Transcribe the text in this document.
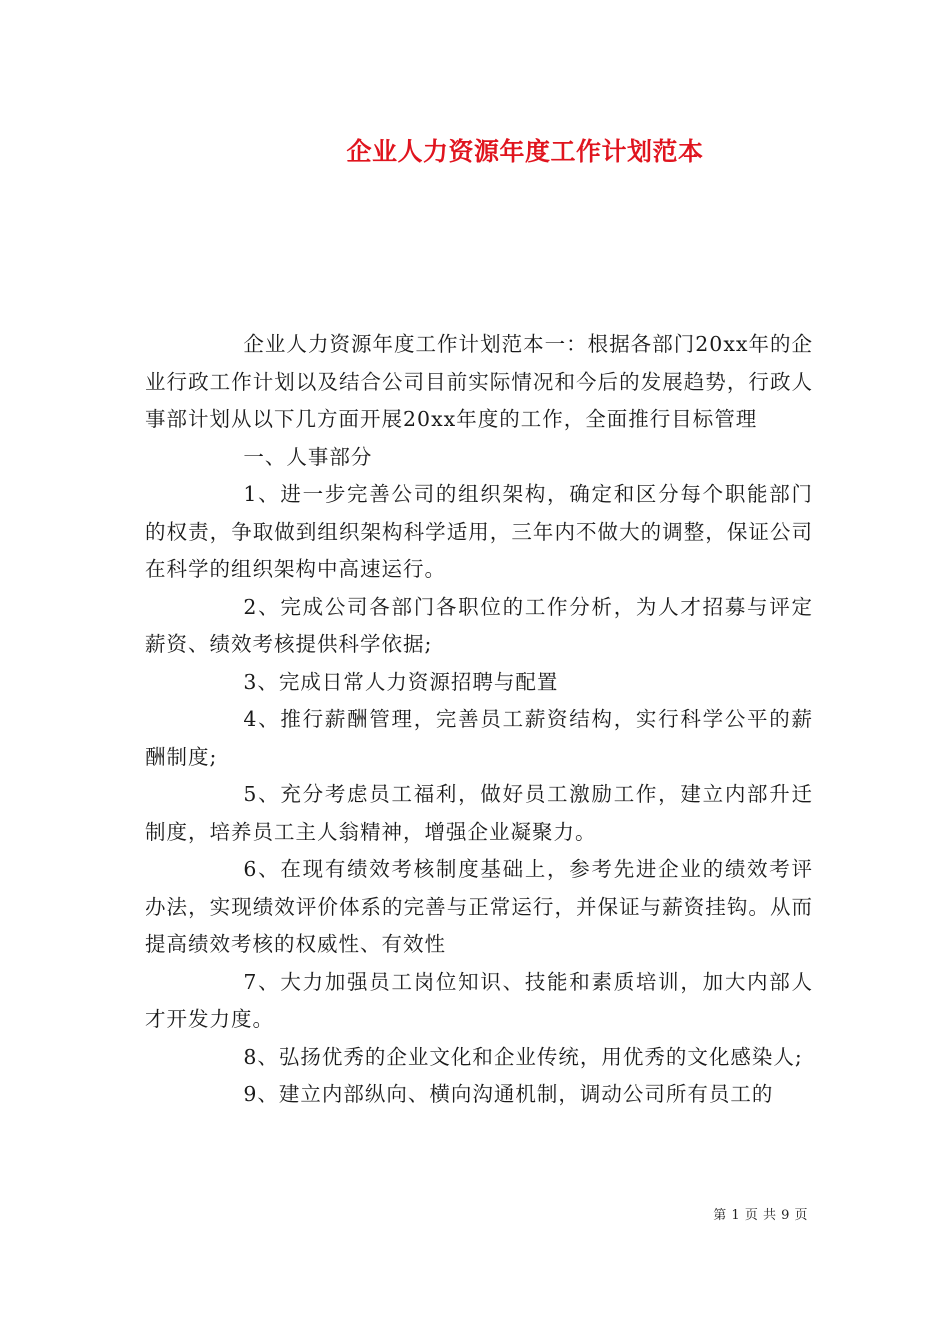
企业人力资源年度工作计划范本

企业人力资源年度工作计划范本一：根据各部门20xx年的企业行政工作计划以及结合公司目前实际情况和今后的发展趋势，行政人事部计划从以下几方面开展20xx年度的工作，全面推行目标管理

一、人事部分

1、进一步完善公司的组织架构，确定和区分每个职能部门的权责，争取做到组织架构科学适用，三年内不做大的调整，保证公司在科学的组织架构中高速运行。

2、完成公司各部门各职位的工作分析，为人才招募与评定薪资、绩效考核提供科学依据;

3、完成日常人力资源招聘与配置

4、推行薪酬管理，完善员工薪资结构，实行科学公平的薪酬制度;

5、充分考虑员工福利，做好员工激励工作，建立内部升迁制度，培养员工主人翁精神，增强企业凝聚力。

6、在现有绩效考核制度基础上，参考先进企业的绩效考评办法，实现绩效评价体系的完善与正常运行，并保证与薪资挂钩。从而提高绩效考核的权威性、有效性

7、大力加强员工岗位知识、技能和素质培训，加大内部人才开发力度。

8、弘扬优秀的企业文化和企业传统，用优秀的文化感染人;

9、建立内部纵向、横向沟通机制，调动公司所有员工的

第 1 页 共 9 页
